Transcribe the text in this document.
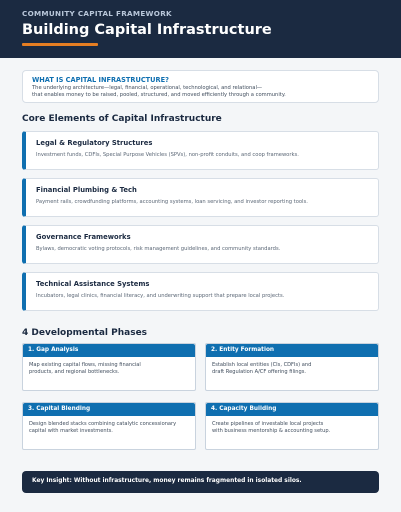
COMMUNITY CAPITAL FRAMEWORK
Building Capital Infrastructure
WHAT IS CAPITAL INFRASTRUCTURE?
The underlying architecture—legal, financial, operational, technological, and relational—
that enables money to be raised, pooled, structured, and moved efficiently through a community.
Core Elements of Capital Infrastructure
Legal & Regulatory Structures
Investment funds, CDFIs, Special Purpose Vehicles (SPVs), non-profit conduits, and coop frameworks.
Financial Plumbing & Tech
Payment rails, crowdfunding platforms, accounting systems, loan servicing, and investor reporting tools.
Governance Frameworks
Bylaws, democratic voting protocols, risk management guidelines, and community standards.
Technical Assistance Systems
Incubators, legal clinics, financial literacy, and underwriting support that prepare local projects.
4 Developmental Phases
1. Gap Analysis
Map existing capital flows, missing financial
products, and regional bottlenecks.
2. Entity Formation
Establish local entities (CIs, CDFIs) and
draft Regulation A/CF offering filings.
3. Capital Blending
Design blended stacks combining catalytic concessionary
capital with market investments.
4. Capacity Building
Create pipelines of investable local projects
with business mentorship & accounting setup.
Key Insight: Without infrastructure, money remains fragmented in isolated silos.
